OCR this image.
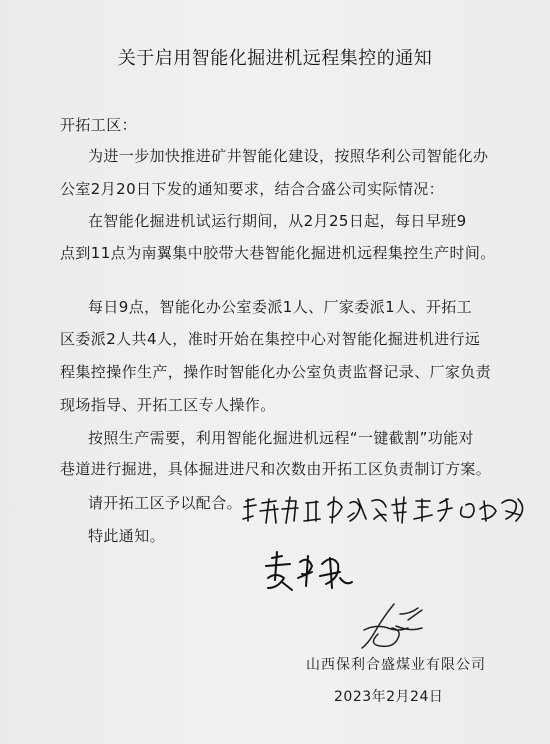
关于启用智能化掘进机远程集控的通知
开拓工区：
为进一步加快推进矿井智能化建设，按照华利公司智能化办
公室2月20日下发的通知要求，结合合盛公司实际情况：
在智能化掘进机试运行期间，从2月25日起，每日早班9
点到11点为南翼集中胶带大巷智能化掘进机远程集控生产时间。
每日9点，智能化办公室委派1人、厂家委派1人、开拓工
区委派2人共4人，准时开始在集控中心对智能化掘进机进行远
程集控操作生产，操作时智能化办公室负责监督记录、厂家负责
现场指导、开拓工区专人操作。
按照生产需要，利用智能化掘进机远程“一键截割”功能对
巷道进行掘进，具体掘进进尺和次数由开拓工区负责制订方案。
请开拓工区予以配合。
特此通知。
山西保利合盛煤业有限公司
2023年2月24日
